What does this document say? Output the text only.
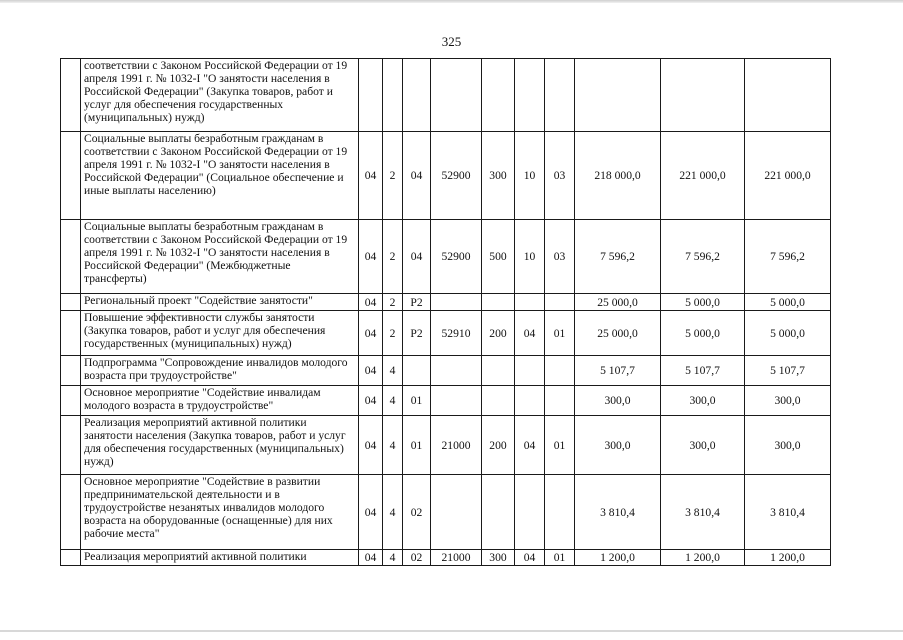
325
	соответствии с Законом Российской Федерации от 19 апреля 1991 г. № 1032-I "О занятости населения в Российской Федерации" (Закупка товаров, работ и услуг для обеспечения государственных (муниципальных) нужд)										
	Социальные выплаты безработным гражданам в соответствии с Законом Российской Федерации от 19 апреля 1991 г. № 1032-I "О занятости населения в Российской Федерации" (Социальное обеспечение и иные выплаты населению)	04	2	04	52900	300	10	03	218 000,0	221 000,0	221 000,0
	Социальные выплаты безработным гражданам в соответствии с Законом Российской Федерации от 19 апреля 1991 г. № 1032-I "О занятости населения в Российской Федерации" (Межбюджетные трансферты)	04	2	04	52900	500	10	03	7 596,2	7 596,2	7 596,2
	Региональный проект "Содействие занятости"	04	2	P2					25 000,0	5 000,0	5 000,0
	Повышение эффективности службы занятости (Закупка товаров, работ и услуг для обеспечения государственных (муниципальных) нужд)	04	2	P2	52910	200	04	01	25 000,0	5 000,0	5 000,0
	Подпрограмма "Сопровождение инвалидов молодого возраста при трудоустройстве"	04	4						5 107,7	5 107,7	5 107,7
	Основное мероприятие "Содействие инвалидам молодого возраста в трудоустройстве"	04	4	01					300,0	300,0	300,0
	Реализация мероприятий активной политики занятости населения (Закупка товаров, работ и услуг для обеспечения государственных (муниципальных) нужд)	04	4	01	21000	200	04	01	300,0	300,0	300,0
	Основное мероприятие "Содействие в развитии предпринимательской деятельности и в трудоустройстве незанятых инвалидов молодого возраста на оборудованные (оснащенные) для них рабочие места"	04	4	02					3 810,4	3 810,4	3 810,4
	Реализация мероприятий активной политики	04	4	02	21000	300	04	01	1 200,0	1 200,0	1 200,0
